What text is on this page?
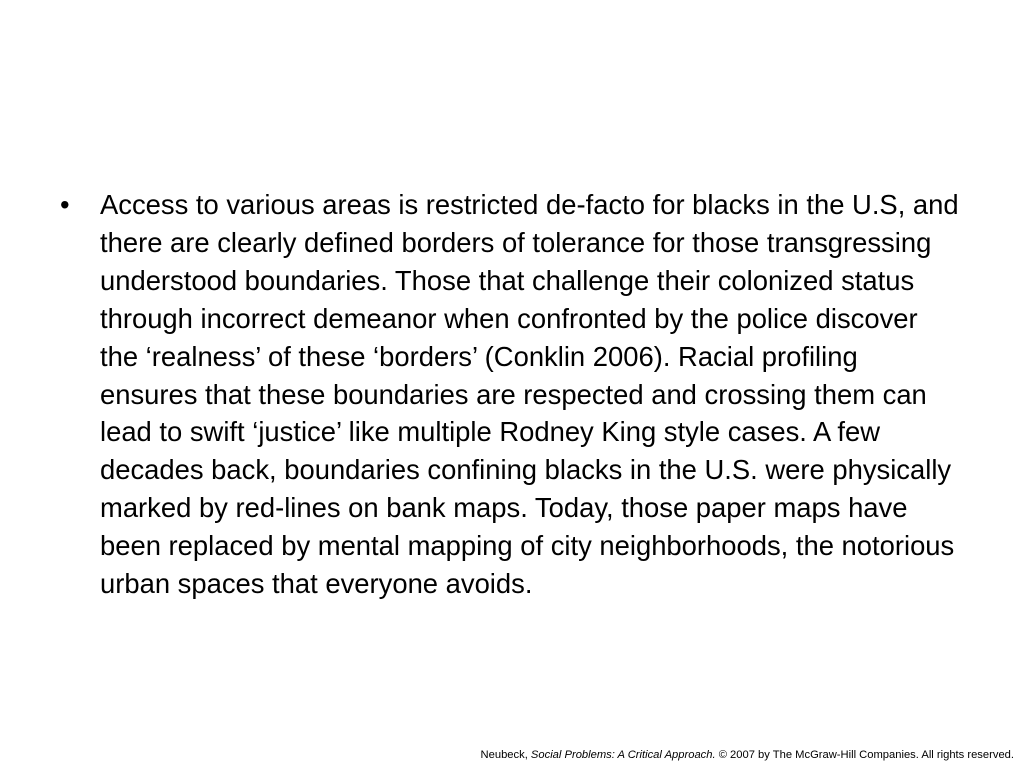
•	Access to various areas is restricted de-facto for blacks in the U.S, and there are clearly defined borders of tolerance for those transgressing understood boundaries. Those that challenge their colonized status through incorrect demeanor when confronted by the police discover the ‘realness’ of these ‘borders’ (Conklin 2006). Racial profiling ensures that these boundaries are respected and crossing them can lead to swift ‘justice’ like multiple Rodney King style cases. A few decades back, boundaries confining blacks in the U.S. were physically marked by red-lines on bank maps. Today, those paper maps have been replaced by mental mapping of city neighborhoods, the notorious urban spaces that everyone avoids.
Neubeck, Social Problems: A Critical Approach. © 2007 by The McGraw-Hill Companies. All rights reserved.
